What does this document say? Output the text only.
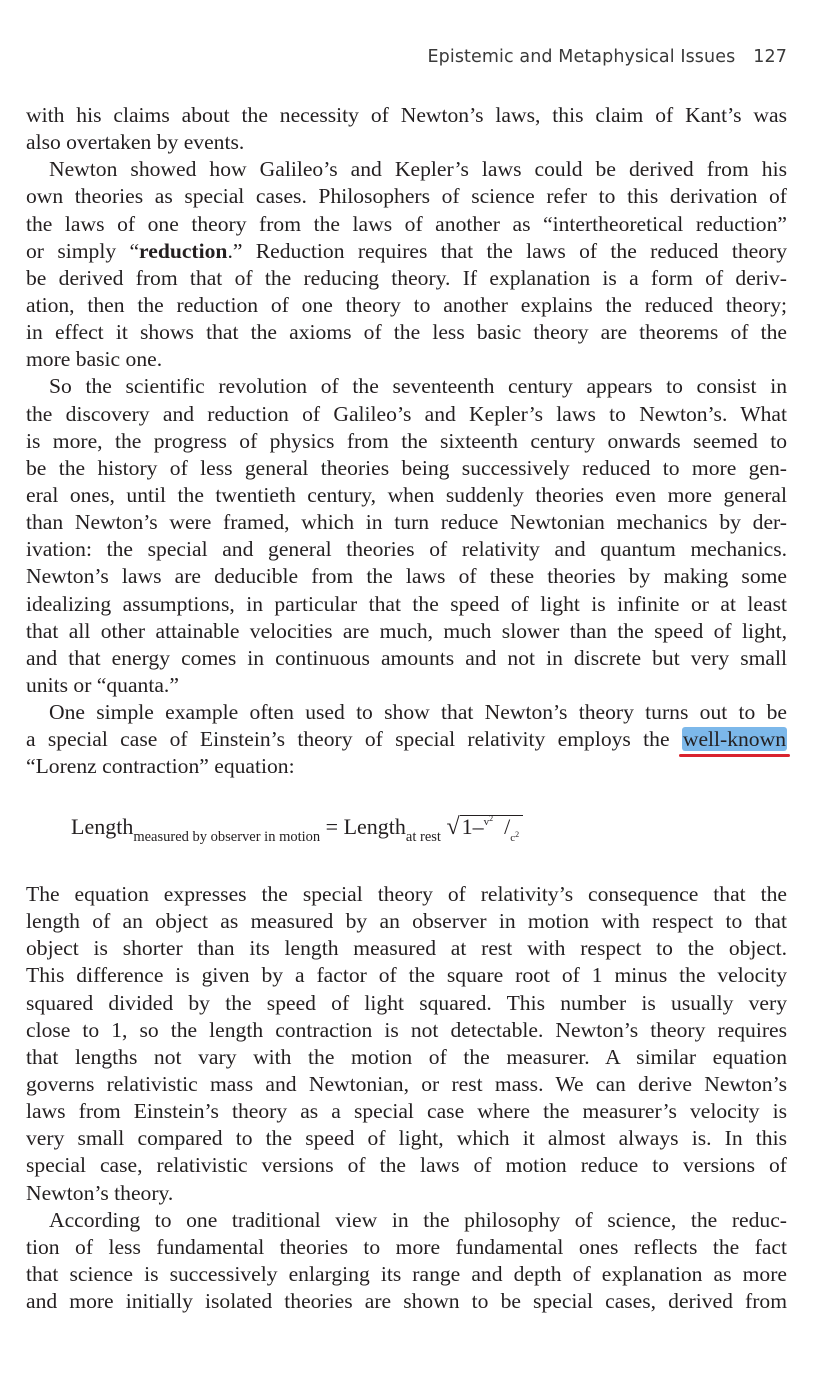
Epistemic and Metaphysical Issues 127
with his claims about the necessity of Newton’s laws, this claim of Kant’s was
also overtaken by events.
Newton showed how Galileo’s and Kepler’s laws could be derived from his
own theories as special cases. Philosophers of science refer to this derivation of
the laws of one theory from the laws of another as “intertheoretical reduction”
or simply “reduction.” Reduction requires that the laws of the reduced theory
be derived from that of the reducing theory. If explanation is a form of deriv-
ation, then the reduction of one theory to another explains the reduced theory;
in effect it shows that the axioms of the less basic theory are theorems of the
more basic one.
So the scientific revolution of the seventeenth century appears to consist in
the discovery and reduction of Galileo’s and Kepler’s laws to Newton’s. What
is more, the progress of physics from the sixteenth century onwards seemed to
be the history of less general theories being successively reduced to more gen-
eral ones, until the twentieth century, when suddenly theories even more general
than Newton’s were framed, which in turn reduce Newtonian mechanics by der-
ivation: the special and general theories of relativity and quantum mechanics.
Newton’s laws are deducible from the laws of these theories by making some
idealizing assumptions, in particular that the speed of light is infinite or at least
that all other attainable velocities are much, much slower than the speed of light,
and that energy comes in continuous amounts and not in discrete but very small
units or “quanta.”
One simple example often used to show that Newton’s theory turns out to be
a special case of Einstein’s theory of special relativity employs the well-known
“Lorenz contraction” equation:
Length$_{measured by observer in motion}$ = Length$_{at rest}$ √1–$^{v2}$ $/_c2$
The equation expresses the special theory of relativity’s consequence that the
length of an object as measured by an observer in motion with respect to that
object is shorter than its length measured at rest with respect to the object.
This difference is given by a factor of the square root of 1 minus the velocity
squared divided by the speed of light squared. This number is usually very
close to 1, so the length contraction is not detectable. Newton’s theory requires
that lengths not vary with the motion of the measurer. A similar equation
governs relativistic mass and Newtonian, or rest mass. We can derive Newton’s
laws from Einstein’s theory as a special case where the measurer’s velocity is
very small compared to the speed of light, which it almost always is. In this
special case, relativistic versions of the laws of motion reduce to versions of
Newton’s theory.
According to one traditional view in the philosophy of science, the reduc-
tion of less fundamental theories to more fundamental ones reflects the fact
that science is successively enlarging its range and depth of explanation as more
and more initially isolated theories are shown to be special cases, derived from
